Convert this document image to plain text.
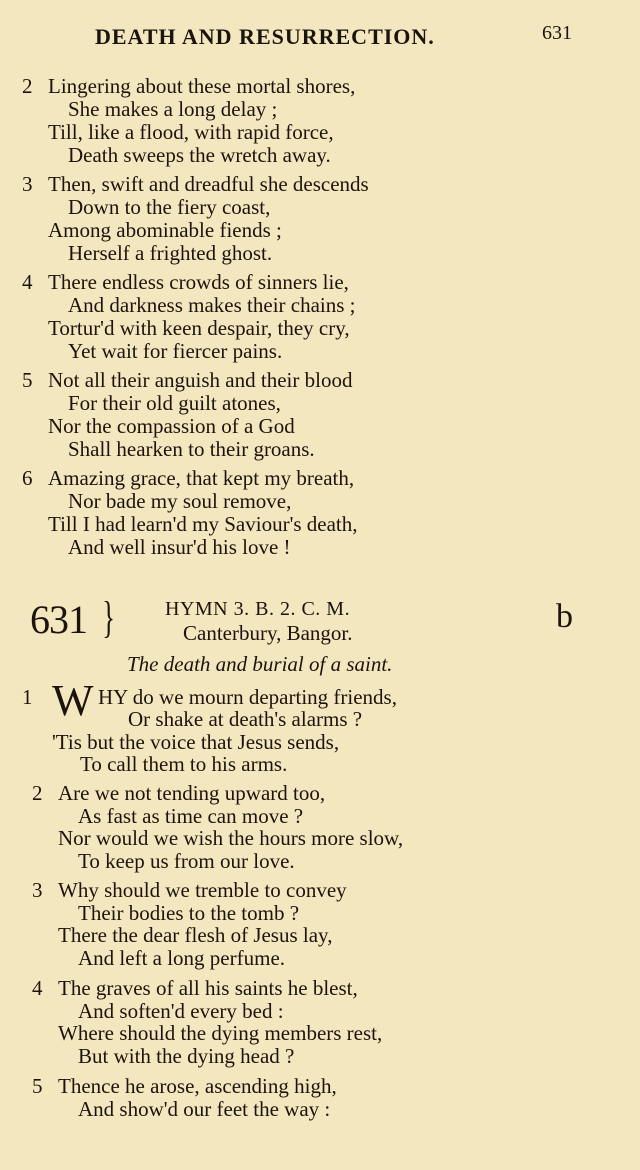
DEATH AND RESURRECTION.	631
2 Lingering about these mortal shores,
She makes a long delay ;
Till, like a flood, with rapid force,
Death sweeps the wretch away.
3 Then, swift and dreadful she descends
Down to the fiery coast,
Among abominable fiends ;
Herself a frighted ghost.
4 There endless crowds of sinners lie,
And darkness makes their chains ;
Tortur'd with keen despair, they cry,
Yet wait for fiercer pains.
5 Not all their anguish and their blood
For their old guilt atones,
Nor the compassion of a God
Shall hearken to their groans.
6 Amazing grace, that kept my breath,
Nor bade my soul remove,
Till I had learn'd my Saviour's death,
And well insur'd his love !
631 }	HYMN 3. B. 2. C. M.
Canterbury, Bangor.	b
The death and burial of a saint.
1 W HY do we mourn departing friends,
Or shake at death's alarms ?
'Tis but the voice that Jesus sends,
To call them to his arms.
2 Are we not tending upward too,
As fast as time can move ?
Nor would we wish the hours more slow,
To keep us from our love.
3 Why should we tremble to convey
Their bodies to the tomb ?
There the dear flesh of Jesus lay,
And left a long perfume.
4 The graves of all his saints he blest,
And soften'd every bed :
Where should the dying members rest,
But with the dying head ?
5 Thence he arose, ascending high,
And show'd our feet the way :
